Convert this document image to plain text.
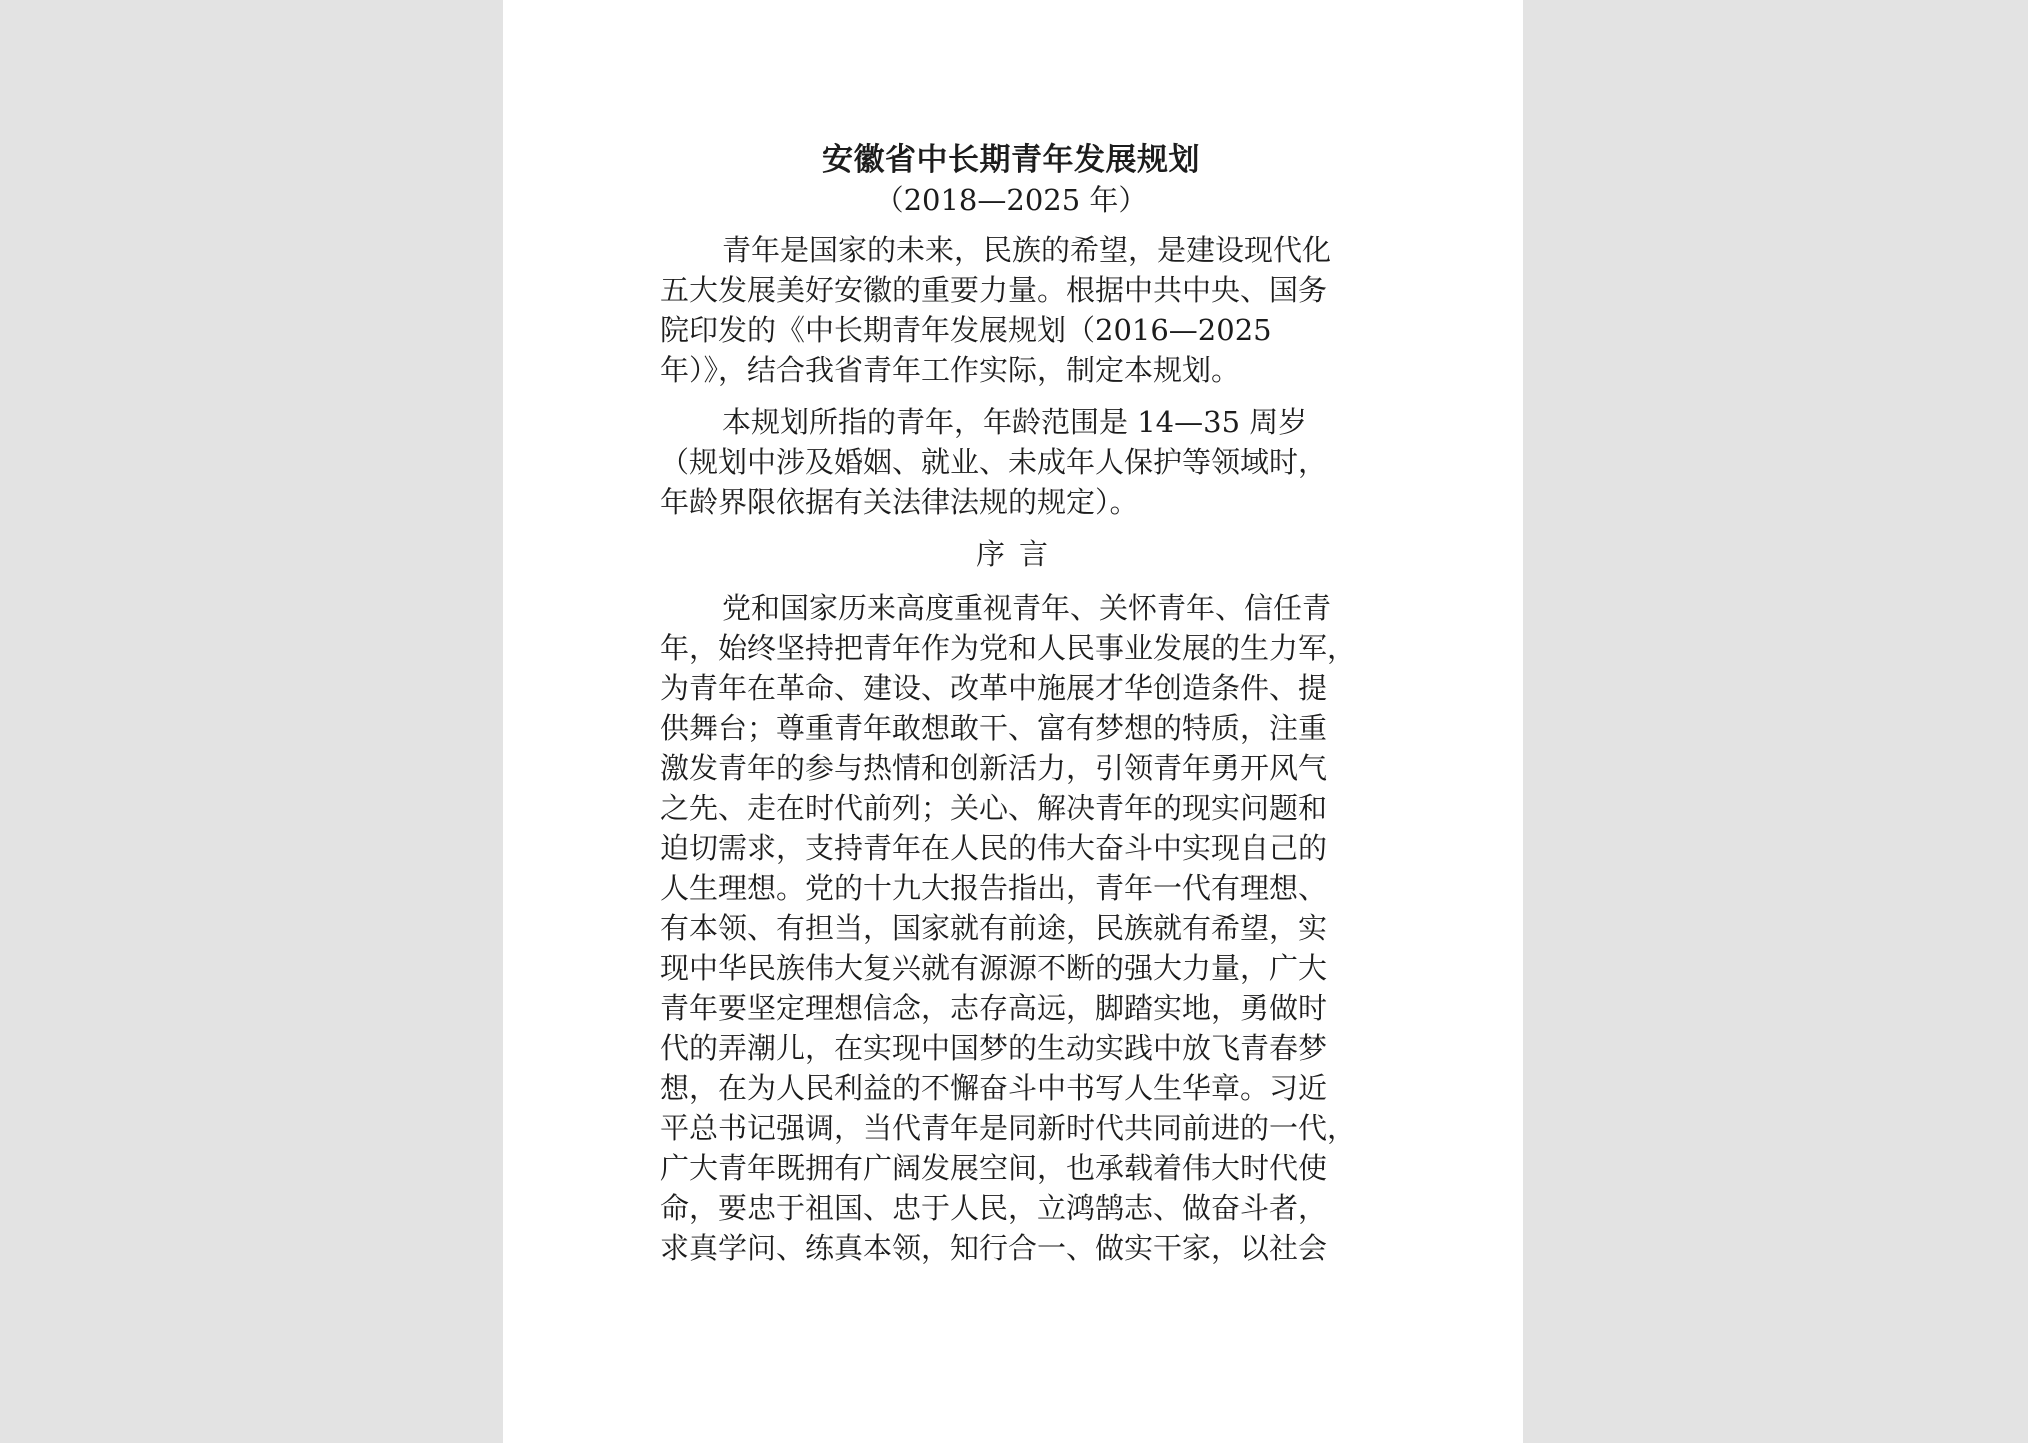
安徽省中长期青年发展规划
（2018—2025 年）

青年是国家的未来，民族的希望，是建设现代化
五大发展美好安徽的重要力量。根据中共中央、国务
院印发的《中长期青年发展规划（2016—2025
年）》，结合我省青年工作实际，制定本规划。

本规划所指的青年，年龄范围是 14—35 周岁
（规划中涉及婚姻、就业、未成年人保护等领域时，
年龄界限依据有关法律法规的规定）。

序言

党和国家历来高度重视青年、关怀青年、信任青
年，始终坚持把青年作为党和人民事业发展的生力军，
为青年在革命、建设、改革中施展才华创造条件、提
供舞台；尊重青年敢想敢干、富有梦想的特质，注重
激发青年的参与热情和创新活力，引领青年勇开风气
之先、走在时代前列；关心、解决青年的现实问题和
迫切需求，支持青年在人民的伟大奋斗中实现自己的
人生理想。党的十九大报告指出，青年一代有理想、
有本领、有担当，国家就有前途，民族就有希望，实
现中华民族伟大复兴就有源源不断的强大力量，广大
青年要坚定理想信念，志存高远，脚踏实地，勇做时
代的弄潮儿，在实现中国梦的生动实践中放飞青春梦
想，在为人民利益的不懈奋斗中书写人生华章。习近
平总书记强调，当代青年是同新时代共同前进的一代，
广大青年既拥有广阔发展空间，也承载着伟大时代使
命，要忠于祖国、忠于人民，立鸿鹄志、做奋斗者，
求真学问、练真本领，知行合一、做实干家，以社会
